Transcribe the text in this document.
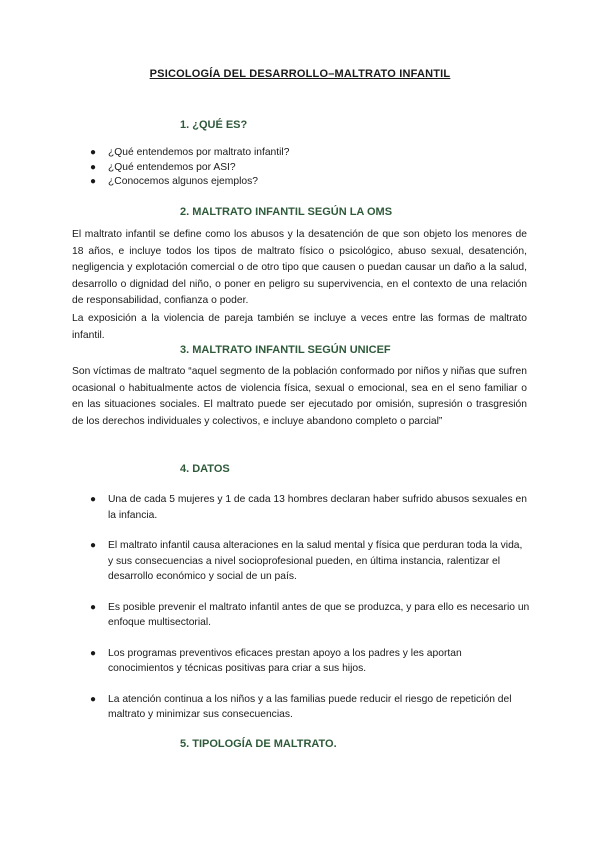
PSICOLOGÍA DEL DESARROLLO–MALTRATO INFANTIL
1. ¿QUÉ ES?
● ¿Qué entendemos por maltrato infantil?
● ¿Qué entendemos por ASI?
● ¿Conocemos algunos ejemplos?
2. MALTRATO INFANTIL SEGÚN LA OMS

El maltrato infantil se define como los abusos y la desatención de que son objeto los menores de 18 años, e incluye todos los tipos de maltrato físico o psicológico, abuso sexual, desatención, negligencia y explotación comercial o de otro tipo que causen o puedan causar un daño a la salud, desarrollo o dignidad del niño, o poner en peligro su supervivencia, en el contexto de una relación de responsabilidad, confianza o poder.

La exposición a la violencia de pareja también se incluye a veces entre las formas de maltrato infantil.

3. MALTRATO INFANTIL SEGÚN UNICEF

Son víctimas de maltrato “aquel segmento de la población conformado por niños y niñas que sufren ocasional o habitualmente actos de violencia física, sexual o emocional, sea en el seno familiar o en las situaciones sociales. El maltrato puede ser ejecutado por omisión, supresión o trasgresión de los derechos individuales y colectivos, e incluye abandono completo o parcial”

4. DATOS
● Una de cada 5 mujeres y 1 de cada 13 hombres declaran haber sufrido abusos sexuales en la infancia.
● El maltrato infantil causa alteraciones en la salud mental y física que perduran toda la vida, y sus consecuencias a nivel socioprofesional pueden, en última instancia, ralentizar el desarrollo económico y social de un país.
● Es posible prevenir el maltrato infantil antes de que se produzca, y para ello es necesario un enfoque multisectorial.
● Los programas preventivos eficaces prestan apoyo a los padres y les aportan conocimientos y técnicas positivas para criar a sus hijos.
● La atención continua a los niños y a las familias puede reducir el riesgo de repetición del maltrato y minimizar sus consecuencias.
5. TIPOLOGÍA DE MALTRATO.
